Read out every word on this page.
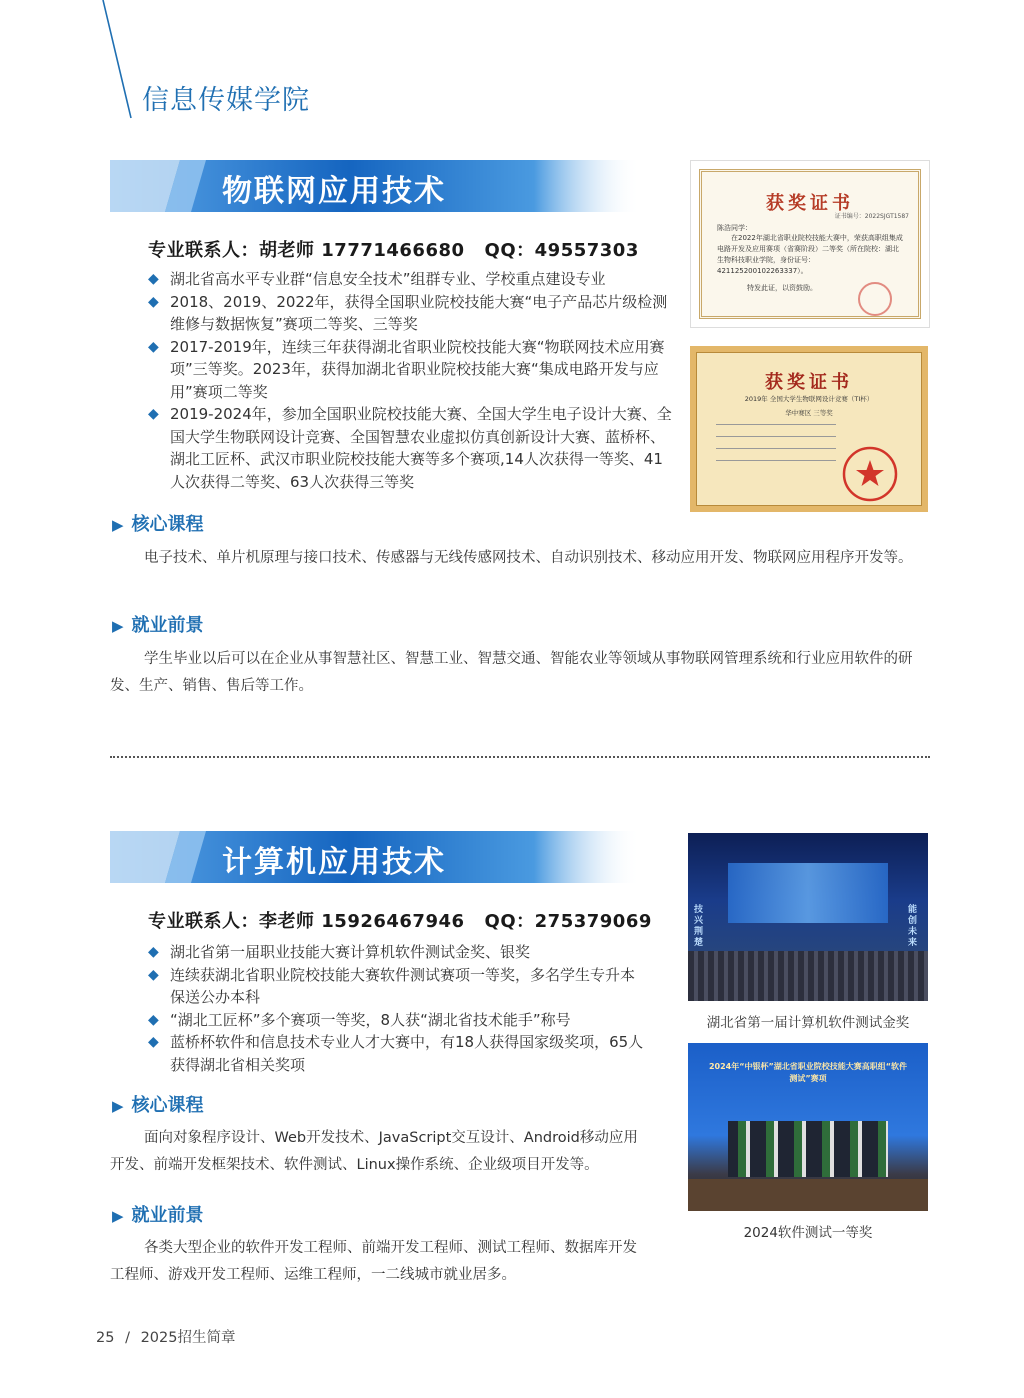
信息传媒学院
物联网应用技术
专业联系人：胡老师 17771466680 QQ：49557303
◆ 湖北省高水平专业群“信息安全技术”组群专业、学校重点建设专业
◆ 2018、2019、2022年，获得全国职业院校技能大赛“电子产品芯片级检测维修与数据恢复”赛项二等奖、三等奖
◆ 2017-2019年，连续三年获得湖北省职业院校技能大赛“物联网技术应用赛项”三等奖。2023年，获得加湖北省职业院校技能大赛“集成电路开发与应用”赛项二等奖
◆ 2019-2024年，参加全国职业院校技能大赛、全国大学生电子设计大赛、全国大学生物联网设计竞赛、全国智慧农业虚拟仿真创新设计大赛、蓝桥杯、湖北工匠杯、武汉市职业院校技能大赛等多个赛项,14人次获得一等奖、41人次获得二等奖、63人次获得三等奖
获奖证书
证书编号：2022SJGT1587
陈浩同学：
在2022年湖北省职业院校技能大赛中，荣获高职组集成电路开发及应用赛项（省赛阶段）二等奖（所在院校：湖北生物科技职业学院，身份证号：421125200102263337）。
特发此证，以资鼓励。
获奖证书
2019年 全国大学生物联网设计竞赛（TI杯）
华中赛区 三等奖
▶ 核心课程
电子技术、单片机原理与接口技术、传感器与无线传感网技术、自动识别技术、移动应用开发、物联网应用程序开发等。
▶ 就业前景
学生毕业以后可以在企业从事智慧社区、智慧工业、智慧交通、智能农业等领域从事物联网管理系统和行业应用软件的研发、生产、销售、售后等工作。
计算机应用技术
专业联系人：李老师 15926467946 QQ：275379069
◆ 湖北省第一届职业技能大赛计算机软件测试金奖、银奖
◆ 连续获湖北省职业院校技能大赛软件测试赛项一等奖，多名学生专升本保送公办本科
◆ “湖北工匠杯”多个赛项一等奖，8人获“湖北省技术能手”称号
◆ 蓝桥杯软件和信息技术专业人才大赛中，有18人获得国家级奖项，65人获得湖北省相关奖项
▶ 核心课程
面向对象程序设计、Web开发技术、JavaScript交互设计、Android移动应用开发、前端开发框架技术、软件测试、Linux操作系统、企业级项目开发等。
▶ 就业前景
各类大型企业的软件开发工程师、前端开发工程师、测试工程师、数据库开发工程师、游戏开发工程师、运维工程师，一二线城市就业居多。
技兴荆楚
能创未来
湖北省第一届计算机软件测试金奖
2024年“中银杯”湖北省职业院校技能大赛高职组“软件测试”赛项
2024软件测试一等奖
25 / 2025招生简章
